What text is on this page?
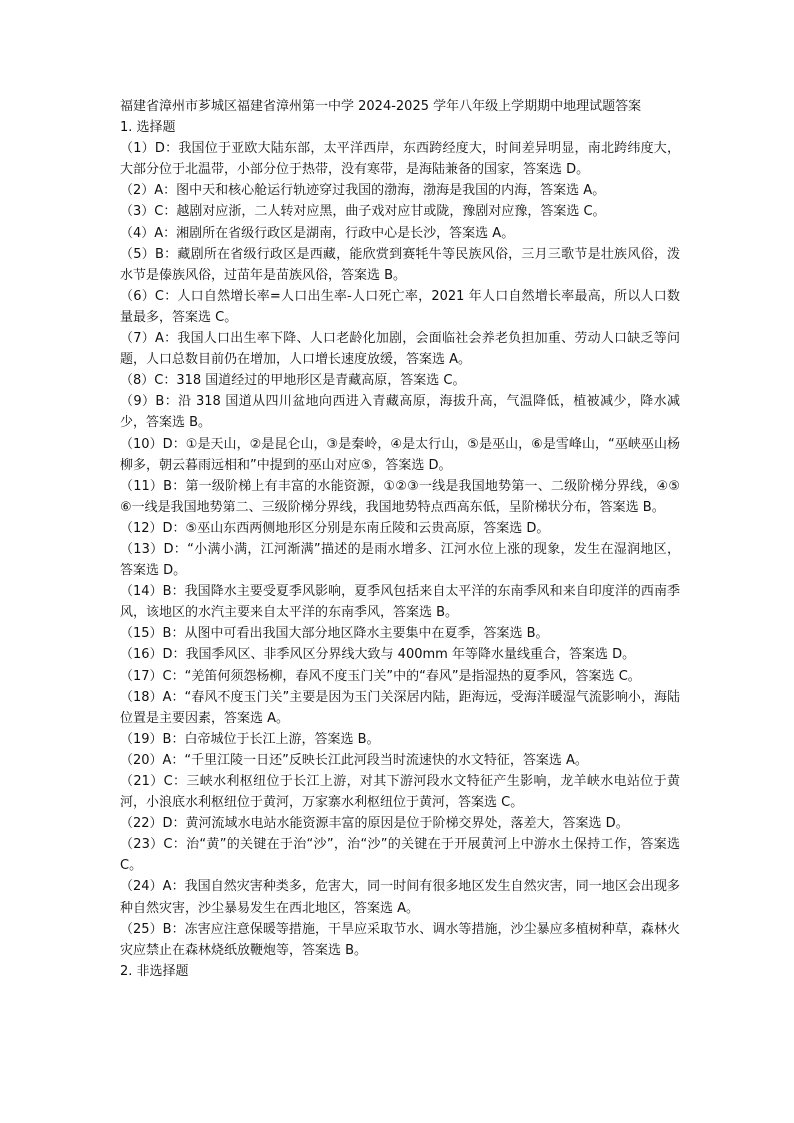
福建省漳州市芗城区福建省漳州第一中学 2024-2025 学年八年级上学期期中地理试题答案

1. 选择题

（1）D：我国位于亚欧大陆东部，太平洋西岸，东西跨经度大，时间差异明显，南北跨纬度大，大部分位于北温带，小部分位于热带，没有寒带，是海陆兼备的国家，答案选 D。

（2）A：图中天和核心舱运行轨迹穿过我国的渤海，渤海是我国的内海，答案选 A。

（3）C：越剧对应浙，二人转对应黑，曲子戏对应甘或陇，豫剧对应豫，答案选 C。

（4）A：湘剧所在省级行政区是湖南，行政中心是长沙，答案选 A。

（5）B：藏剧所在省级行政区是西藏，能欣赏到赛牦牛等民族风俗，三月三歌节是壮族风俗，泼水节是傣族风俗，过苗年是苗族风俗，答案选 B。

（6）C：人口自然增长率=人口出生率-人口死亡率，2021 年人口自然增长率最高，所以人口数量最多，答案选 C。

（7）A：我国人口出生率下降、人口老龄化加剧，会面临社会养老负担加重、劳动人口缺乏等问题，人口总数目前仍在增加，人口增长速度放缓，答案选 A。

（8）C：318 国道经过的甲地形区是青藏高原，答案选 C。

（9）B：沿 318 国道从四川盆地向西进入青藏高原，海拔升高，气温降低，植被减少，降水减少，答案选 B。

（10）D：①是天山，②是昆仑山，③是秦岭，④是太行山，⑤是巫山，⑥是雪峰山，“巫峡巫山杨柳多，朝云暮雨远相和”中提到的巫山对应⑤，答案选 D。

（11）B：第一级阶梯上有丰富的水能资源，①②③一线是我国地势第一、二级阶梯分界线，④⑤⑥一线是我国地势第二、三级阶梯分界线，我国地势特点西高东低，呈阶梯状分布，答案选 B。

（12）D：⑤巫山东西两侧地形区分别是东南丘陵和云贵高原，答案选 D。

（13）D：“小满小满，江河渐满”描述的是雨水增多、江河水位上涨的现象，发生在湿润地区，答案选 D。

（14）B：我国降水主要受夏季风影响，夏季风包括来自太平洋的东南季风和来自印度洋的西南季风，该地区的水汽主要来自太平洋的东南季风，答案选 B。

（15）B：从图中可看出我国大部分地区降水主要集中在夏季，答案选 B。

（16）D：我国季风区、非季风区分界线大致与 400mm 年等降水量线重合，答案选 D。

（17）C：“羌笛何须怨杨柳，春风不度玉门关”中的“春风”是指湿热的夏季风，答案选 C。

（18）A：“春风不度玉门关”主要是因为玉门关深居内陆，距海远，受海洋暖湿气流影响小，海陆位置是主要因素，答案选 A。

（19）B：白帝城位于长江上游，答案选 B。

（20）A：“千里江陵一日还”反映长江此河段当时流速快的水文特征，答案选 A。

（21）C：三峡水利枢纽位于长江上游，对其下游河段水文特征产生影响，龙羊峡水电站位于黄河，小浪底水利枢纽位于黄河，万家寨水利枢纽位于黄河，答案选 C。

（22）D：黄河流域水电站水能资源丰富的原因是位于阶梯交界处，落差大，答案选 D。

（23）C：治“黄”的关键在于治“沙”，治“沙”的关键在于开展黄河上中游水土保持工作，答案选 C。

（24）A：我国自然灾害种类多，危害大，同一时间有很多地区发生自然灾害，同一地区会出现多种自然灾害，沙尘暴易发生在西北地区，答案选 A。

（25）B：冻害应注意保暖等措施，干旱应采取节水、调水等措施，沙尘暴应多植树种草，森林火灾应禁止在森林烧纸放鞭炮等，答案选 B。

2. 非选择题
